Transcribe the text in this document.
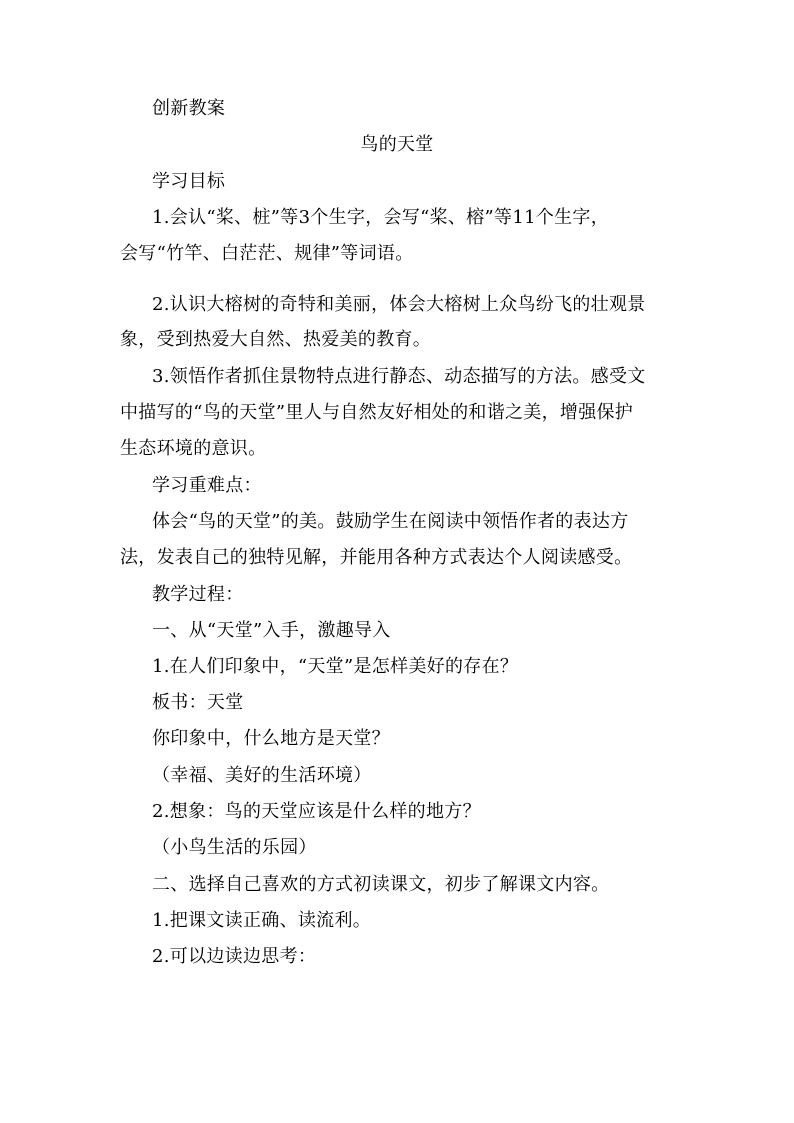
创新教案
鸟的天堂
学习目标
1.会认“桨、桩”等3个生字，会写“桨、榕”等11个生字，
会写“竹竿、白茫茫、规律”等词语。
2.认识大榕树的奇特和美丽，体会大榕树上众鸟纷飞的壮观景
象，受到热爱大自然、热爱美的教育。
3.领悟作者抓住景物特点进行静态、动态描写的方法。感受文
中描写的“鸟的天堂”里人与自然友好相处的和谐之美，增强保护
生态环境的意识。
学习重难点：
体会“鸟的天堂”的美。鼓励学生在阅读中领悟作者的表达方
法，发表自己的独特见解，并能用各种方式表达个人阅读感受。
教学过程：
一、从“天堂”入手，激趣导入
1.在人们印象中，“天堂”是怎样美好的存在？
板书：天堂
你印象中，什么地方是天堂？
（幸福、美好的生活环境）
2.想象：鸟的天堂应该是什么样的地方？
（小鸟生活的乐园）
二、选择自己喜欢的方式初读课文，初步了解课文内容。
1.把课文读正确、读流利。
2.可以边读边思考：
